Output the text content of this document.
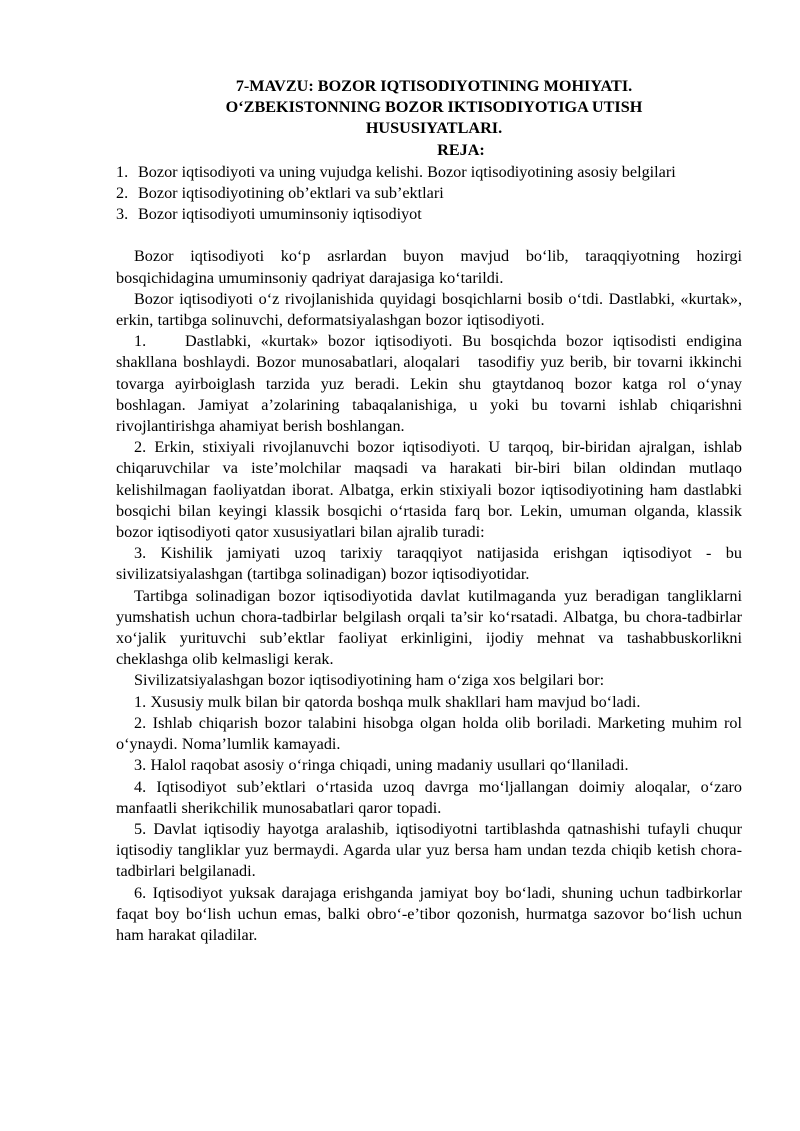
7-MAVZU: BOZOR IQTISODIYOTINING MOHIYATI.
O‘ZBEKISTONNING BOZOR IKTISODIYOTIGA UTISH
HUSUSIYATLARI.
REJA:
1. Bozor iqtisodiyoti va uning vujudga kelishi. Bozor iqtisodiyotining asosiy belgilari
2. Bozor iqtisodiyotining ob’ektlari va sub’ektlari
3. Bozor iqtisodiyoti umuminsoniy iqtisodiyot

Bozor iqtisodiyoti ko‘p asrlardan buyon mavjud bo‘lib, taraqqiyotning hozirgi bosqichidagina umuminsoniy qadriyat darajasiga ko‘tarildi.

Bozor iqtisodiyoti o‘z rivojlanishida quyidagi bosqichlarni bosib o‘tdi. Dastlabki, «kurtak», erkin, tartibga solinuvchi, deformatsiyalashgan bozor iqtisodiyoti.

1.    Dastlabki, «kurtak» bozor iqtisodiyoti. Bu bosqichda bozor iqtisodisti endigina shakllana boshlaydi. Bozor munosabatlari, aloqalari   tasodifiy yuz berib, bir tovarni ikkinchi tovarga ayirboiglash tarzida yuz beradi. Lekin shu gtaytdanoq bozor katga rol o‘ynay boshlagan. Jamiyat a’zolarining tabaqalanishiga, u yoki bu tovarni ishlab chiqarishni rivojlantirishga ahamiyat berish boshlangan.

2. Erkin, stixiyali rivojlanuvchi bozor iqtisodiyoti. U tarqoq, bir-biridan ajralgan, ishlab chiqaruvchilar va iste’molchilar maqsadi va harakati bir-biri bilan oldindan mutlaqo kelishilmagan faoliyatdan iborat. Albatga, erkin stixiyali bozor iqtisodiyotining ham dastlabki bosqichi bilan keyingi klassik bosqichi o‘rtasida farq bor. Lekin, umuman olganda, klassik bozor iqtisodiyoti qator xususiyatlari bilan ajralib turadi:

3. Kishilik jamiyati uzoq tarixiy taraqqiyot natijasida erishgan iqtisodiyot - bu sivilizatsiyalashgan (tartibga solinadigan) bozor iqtisodiyotidar.

Tartibga solinadigan bozor iqtisodiyotida davlat kutilmaganda yuz beradigan tangliklarni yumshatish uchun chora-tadbirlar belgilash orqali ta’sir ko‘rsatadi. Albatga, bu chora-tadbirlar xo‘jalik yurituvchi sub’ektlar faoliyat erkinligini, ijodiy mehnat va tashabbuskorlikni cheklashga olib kelmasligi kerak.

Sivilizatsiyalashgan bozor iqtisodiyotining ham o‘ziga xos belgilari bor:

1. Xususiy mulk bilan bir qatorda boshqa mulk shakllari ham mavjud bo‘ladi.

2. Ishlab chiqarish bozor talabini hisobga olgan holda olib boriladi. Marketing muhim rol o‘ynaydi. Noma’lumlik kamayadi.

3. Halol raqobat asosiy o‘ringa chiqadi, uning madaniy usullari qo‘llaniladi.

4. Iqtisodiyot sub’ektlari o‘rtasida uzoq davrga mo‘ljallangan doimiy aloqalar, o‘zaro manfaatli sherikchilik munosabatlari qaror topadi.

5. Davlat iqtisodiy hayotga aralashib, iqtisodiyotni tartiblashda qatnashishi tufayli chuqur iqtisodiy tangliklar yuz bermaydi. Agarda ular yuz bersa ham undan tezda chiqib ketish chora-tadbirlari belgilanadi.

6. Iqtisodiyot yuksak darajaga erishganda jamiyat boy bo‘ladi, shuning uchun tadbirkorlar faqat boy bo‘lish uchun emas, balki obro‘-e’tibor qozonish, hurmatga sazovor bo‘lish uchun ham harakat qiladilar.
